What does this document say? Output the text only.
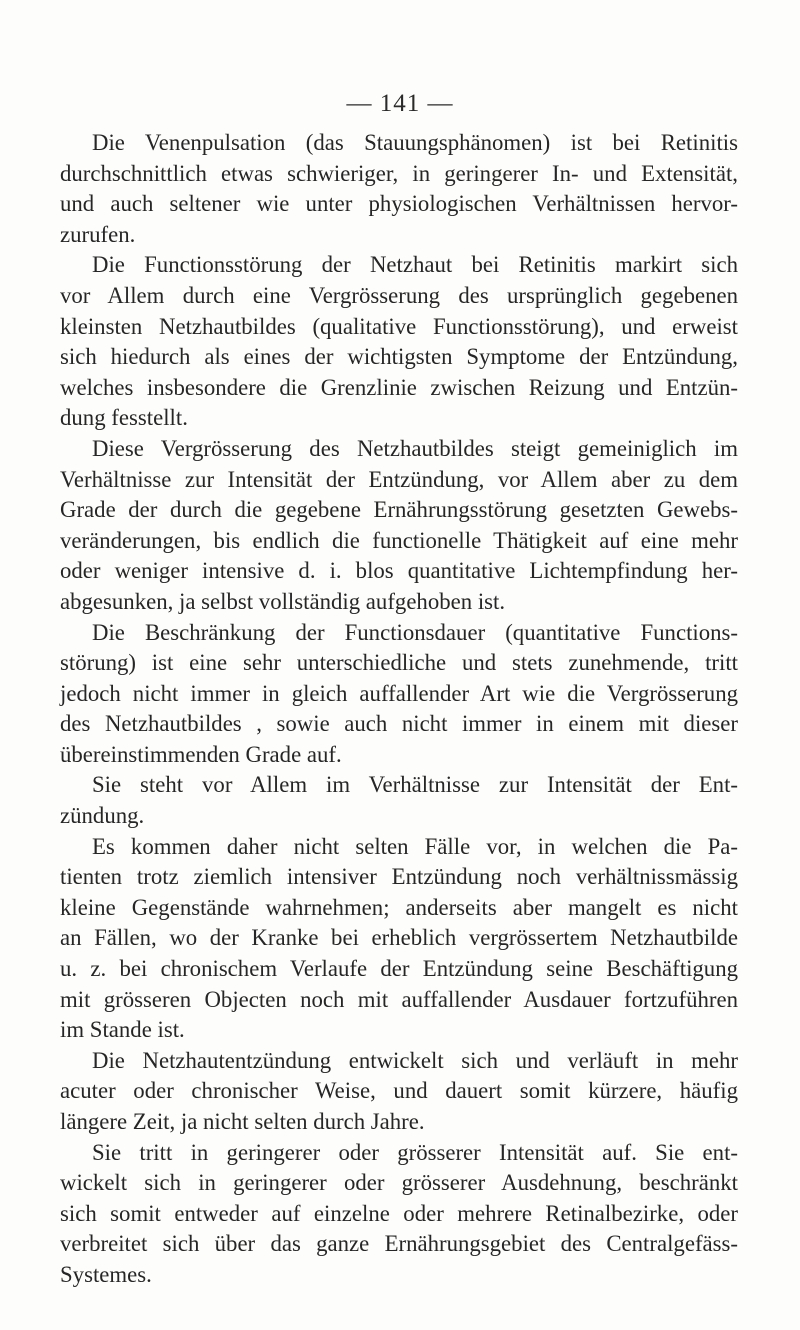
— 141 —
Die Venenpulsation (das Stauungsphänomen) ist bei Retinitis
durchschnittlich etwas schwieriger, in geringerer In- und Extensität,
und auch seltener wie unter physiologischen Verhältnissen hervor-
zurufen.
Die Functionsstörung der Netzhaut bei Retinitis markirt sich
vor Allem durch eine Vergrösserung des ursprünglich gegebenen
kleinsten Netzhautbildes (qualitative Functionsstörung), und erweist
sich hiedurch als eines der wichtigsten Symptome der Entzündung,
welches insbesondere die Grenzlinie zwischen Reizung und Entzün-
dung fesstellt.
Diese Vergrösserung des Netzhautbildes steigt gemeiniglich im
Verhältnisse zur Intensität der Entzündung, vor Allem aber zu dem
Grade der durch die gegebene Ernährungsstörung gesetzten Gewebs-
veränderungen, bis endlich die functionelle Thätigkeit auf eine mehr
oder weniger intensive d. i. blos quantitative Lichtempfindung her-
abgesunken, ja selbst vollständig aufgehoben ist.
Die Beschränkung der Functionsdauer (quantitative Functions-
störung) ist eine sehr unterschiedliche und stets zunehmende, tritt
jedoch nicht immer in gleich auffallender Art wie die Vergrösserung
des Netzhautbildes , sowie auch nicht immer in einem mit dieser
übereinstimmenden Grade auf.
Sie steht vor Allem im Verhältnisse zur Intensität der Ent-
zündung.
Es kommen daher nicht selten Fälle vor, in welchen die Pa-
tienten trotz ziemlich intensiver Entzündung noch verhältnissmässig
kleine Gegenstände wahrnehmen; anderseits aber mangelt es nicht
an Fällen, wo der Kranke bei erheblich vergrössertem Netzhautbilde
u. z. bei chronischem Verlaufe der Entzündung seine Beschäftigung
mit grösseren Objecten noch mit auffallender Ausdauer fortzuführen
im Stande ist.
Die Netzhautentzündung entwickelt sich und verläuft in mehr
acuter oder chronischer Weise, und dauert somit kürzere, häufig
längere Zeit, ja nicht selten durch Jahre.
Sie tritt in geringerer oder grösserer Intensität auf. Sie ent-
wickelt sich in geringerer oder grösserer Ausdehnung, beschränkt
sich somit entweder auf einzelne oder mehrere Retinalbezirke, oder
verbreitet sich über das ganze Ernährungsgebiet des Centralgefäss-
Systemes.
